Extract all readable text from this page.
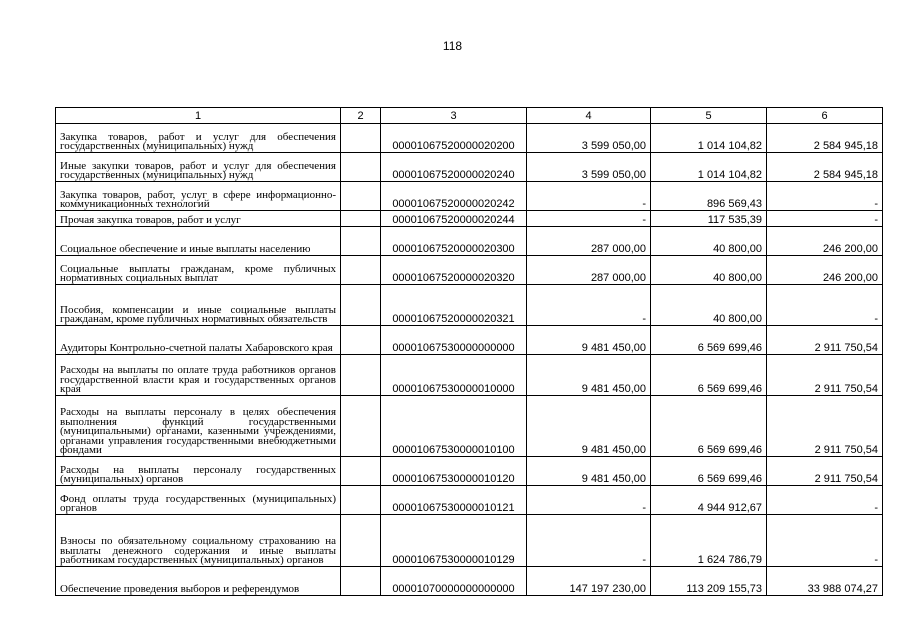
118
1	2	3	4	5	6
Закупка товаров, работ и услуг для обеспечения государственных (муниципальных) нужд		00001067520000020200	3 599 050,00	1 014 104,82	2 584 945,18
Иные закупки товаров, работ и услуг для обеспечения государственных (муниципальных) нужд		00001067520000020240	3 599 050,00	1 014 104,82	2 584 945,18
Закупка товаров, работ, услуг в сфере информационно-коммуникационных технологий		00001067520000020242	-	896 569,43	-
Прочая закупка товаров, работ и услуг		00001067520000020244	-	117 535,39	-
Социальное обеспечение и иные выплаты населению		00001067520000020300	287 000,00	40 800,00	246 200,00
Социальные выплаты гражданам, кроме публичных нормативных социальных выплат		00001067520000020320	287 000,00	40 800,00	246 200,00
Пособия, компенсации и иные социальные выплаты гражданам, кроме публичных нормативных обязательств		00001067520000020321	-	40 800,00	-
Аудиторы Контрольно-счетной палаты Хабаровского края		00001067530000000000	9 481 450,00	6 569 699,46	2 911 750,54
Расходы на выплаты по оплате труда работников органов государственной власти края и государственных органов края		00001067530000010000	9 481 450,00	6 569 699,46	2 911 750,54
Расходы на выплаты персоналу в целях обеспечения выполнения функций государственными (муниципальными) органами, казенными учреждениями, органами управления государственными внебюджетными фондами		00001067530000010100	9 481 450,00	6 569 699,46	2 911 750,54
Расходы на выплаты персоналу государственных (муниципальных) органов		00001067530000010120	9 481 450,00	6 569 699,46	2 911 750,54
Фонд оплаты труда государственных (муниципальных) органов		00001067530000010121	-	4 944 912,67	-
Взносы по обязательному социальному страхованию на выплаты денежного содержания и иные выплаты работникам государственных (муниципальных) органов		00001067530000010129	-	1 624 786,79	-
Обеспечение проведения выборов и референдумов		00001070000000000000	147 197 230,00	113 209 155,73	33 988 074,27
